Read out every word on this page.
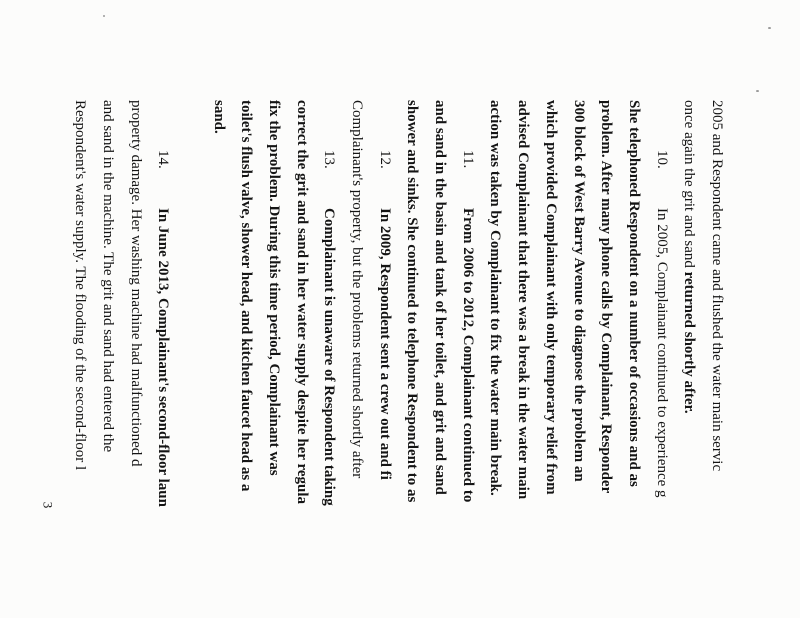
2005 and Respondent came and flushed the water main servic
once again the grit and sand returned shortly after.
10.In 2005, Complainant continued to experience g
She telephoned Respondent on a number of occasions and as
problem. After many phone calls by Complainant, Responder
300 block of West Barry Avenue to diagnose the problem an
which provided Complainant with only temporary relief from
advised Complainant that there was a break in the water main
action was taken by Complainant to fix the water main break.
11.From 2006 to 2012, Complainant continued to
and sand in the basin and tank of her toilet, and grit and sand
shower and sinks. She continued to telephone Respondent to as
12.In 2009, Respondent sent a crew out and fi
Complainant's property, but the problems returned shortly after
13.Complainant is unaware of Respondent taking
correct the grit and sand in her water supply despite her regula
fix the problem. During this time period, Complainant was
toilet's flush valve, shower head, and kitchen faucet head as a
sand.
14.In June 2013, Complainant's second-floor laun
property damage. Her washing machine had malfunctioned d
and sand in the machine. The grit and sand had entered the
Respondent's water supply. The flooding of the second-floor l
3
